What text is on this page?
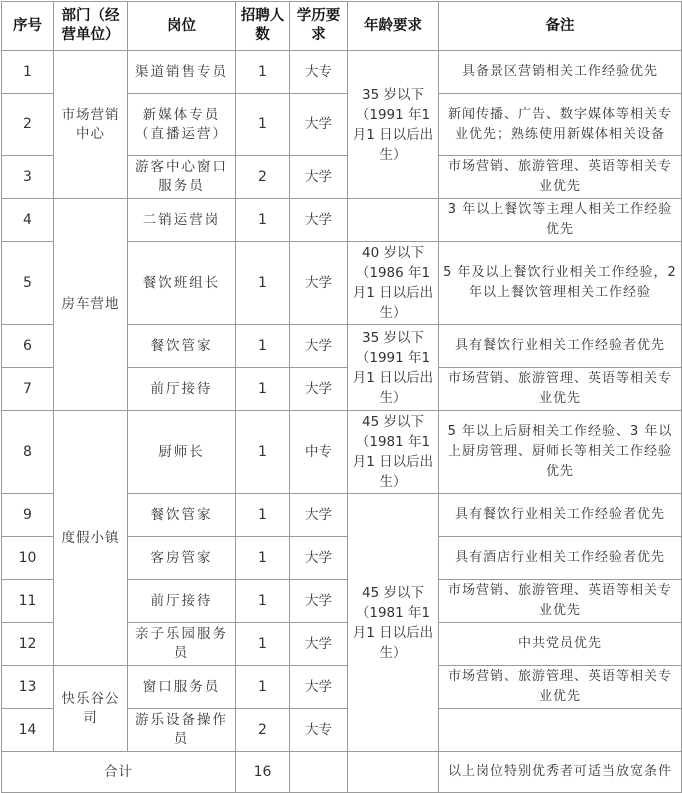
序号	部门（经营单位）	岗位	招聘人数	学历要求	年龄要求	备注
1	市场营销中心	渠道销售专员	1	大专	35 岁以下（1991 年1 月1 日以后出生）	具备景区营销相关工作经验优先
2		新媒体专员（直播运营）	1	大学		新闻传播、广告、数字媒体等相关专业优先；熟练使用新媒体相关设备
3		游客中心窗口服务员	2	大学		市场营销、旅游管理、英语等相关专业优先
4	房车营地	二销运营岗	1	大学		3 年以上餐饮等主理人相关工作经验优先
5		餐饮班组长	1	大学	40 岁以下（1986 年1 月1 日以后出生）	5 年及以上餐饮行业相关工作经验，2 年以上餐饮管理相关工作经验
6		餐饮管家	1	大学	35 岁以下（1991 年1 月1 日以后出生）	具有餐饮行业相关工作经验者优先
7		前厅接待	1	大学		市场营销、旅游管理、英语等相关专业优先
8	度假小镇	厨师长	1	中专	45 岁以下（1981 年1 月1 日以后出生）	5 年以上后厨相关工作经验、3 年以上厨房管理、厨师长等相关工作经验优先
9		餐饮管家	1	大学	45 岁以下（1981 年1 月1 日以后出生）	具有餐饮行业相关工作经验者优先
10		客房管家	1	大学		具有酒店行业相关工作经验者优先
11		前厅接待	1	大学		市场营销、旅游管理、英语等相关专业优先
12		亲子乐园服务员	1	大学		中共党员优先
13	快乐谷公司	窗口服务员	1	大学		市场营销、旅游管理、英语等相关专业优先
14		游乐设备操作员	2	大专		
合计			16			以上岗位特别优秀者可适当放宽条件
